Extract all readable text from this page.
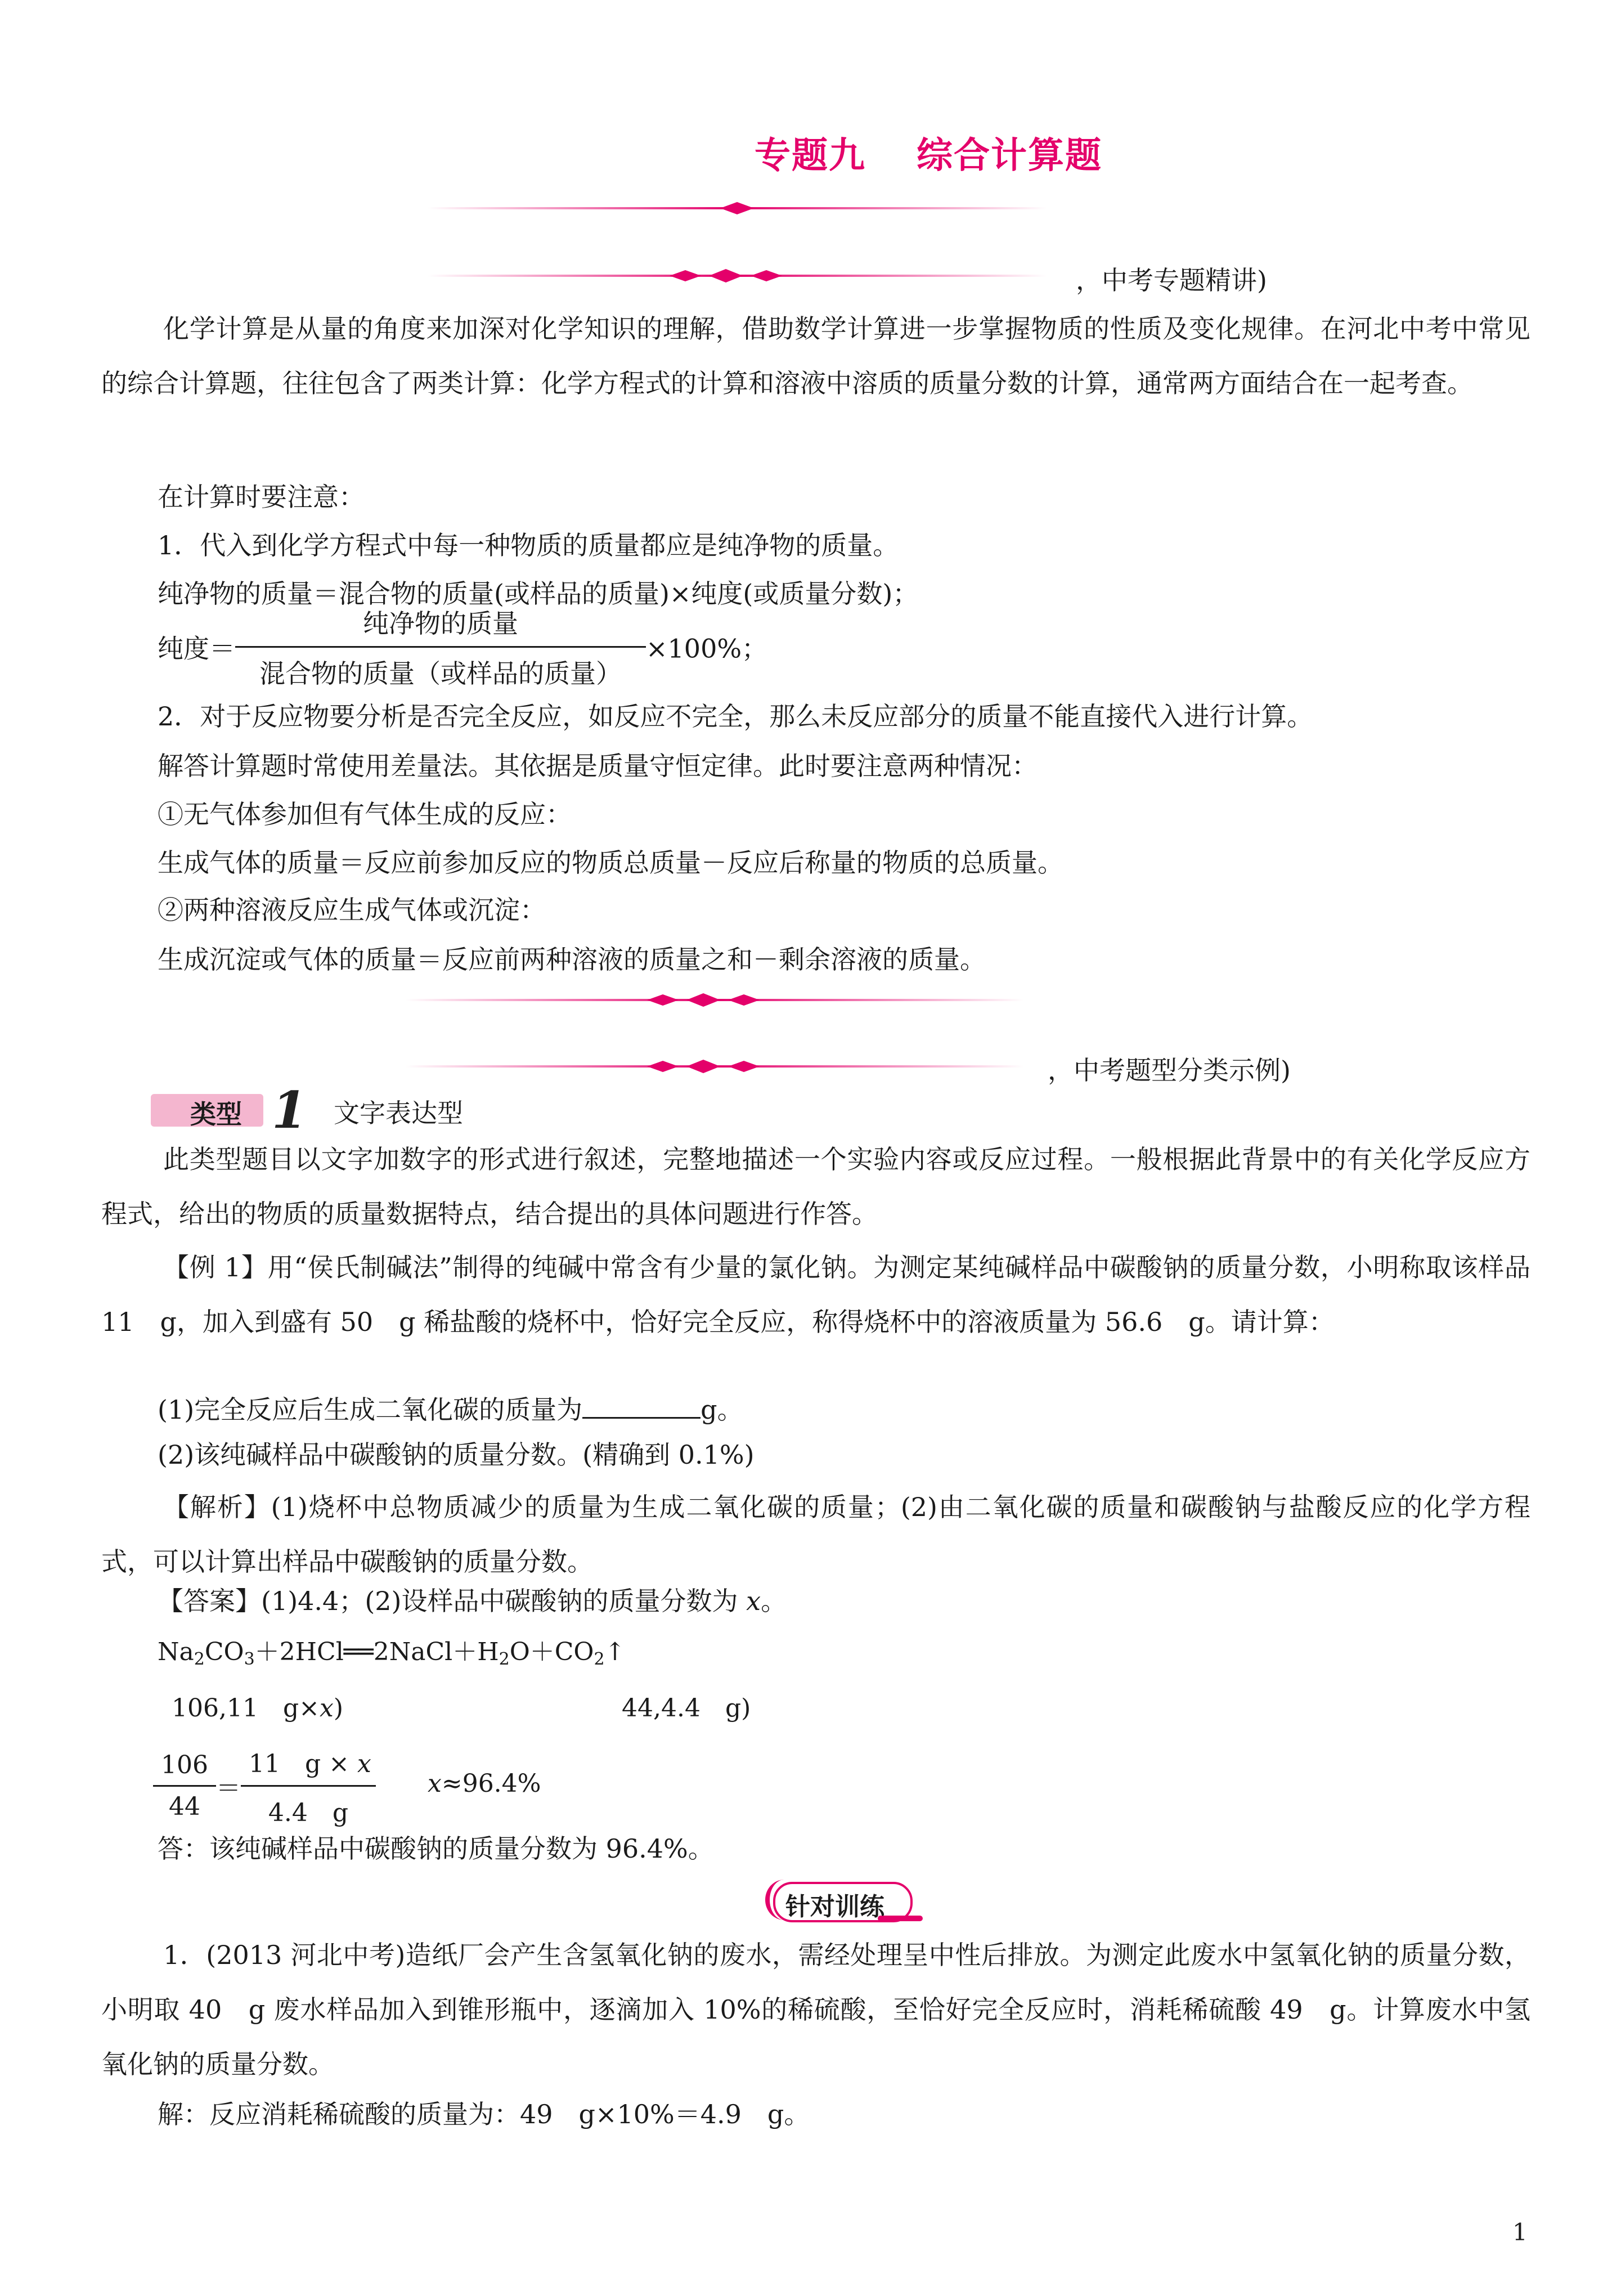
专题九 综合计算题
，中考专题精讲)
化学计算是从量的角度来加深对化学知识的理解，借助数学计算进一步掌握物质的性质及变化规律。在河北中考中常见的综合计算题，往往包含了两类计算：化学方程式的计算和溶液中溶质的质量分数的计算，通常两方面结合在一起考查。
在计算时要注意：
1．代入到化学方程式中每一种物质的质量都应是纯净物的质量。
纯净物的质量＝混合物的质量(或样品的质量)×纯度(或质量分数)；
纯度＝ $\frac{\text{纯净物的质量}}{\text{混合物的质量（或样品的质量）}} \times 100\%$；
2．对于反应物要分析是否完全反应，如反应不完全，那么未反应部分的质量不能直接代入进行计算。
解答计算题时常使用差量法。其依据是质量守恒定律。此时要注意两种情况：
①无气体参加但有气体生成的反应：
生成气体的质量＝反应前参加反应的物质总质量－反应后称量的物质的总质量。
②两种溶液反应生成气体或沉淀：
生成沉淀或气体的质量＝反应前两种溶液的质量之和－剩余溶液的质量。
，中考题型分类示例)
类型 1 文字表达型
此类型题目以文字加数字的形式进行叙述，完整地描述一个实验内容或反应过程。一般根据此背景中的有关化学反应方程式，给出的物质的质量数据特点，结合提出的具体问题进行作答。
【例 1】用“侯氏制碱法”制得的纯碱中常含有少量的氯化钠。为测定某纯碱样品中碳酸钠的质量分数，小明称取该样品 11　g，加入到盛有 50　g 稀盐酸的烧杯中，恰好完全反应，称得烧杯中的溶液质量为 56.6　g。请计算：
(1)完全反应后生成二氧化碳的质量为	g。
(2)该纯碱样品中碳酸钠的质量分数。(精确到 0.1%)
【解析】(1)烧杯中总物质减少的质量为生成二氧化碳的质量；(2)由二氧化碳的质量和碳酸钠与盐酸反应的化学方程式，可以计算出样品中碳酸钠的质量分数。
【答案】(1)4.4；(2)设样品中碳酸钠的质量分数为 x。
$Na_2CO_3+2HCl══2NaCl+H_2O+CO_2↑$
106,11　g×x)	44,4.4　g)
$\frac{106}{44} = \frac{11 g \times x}{4.4 g} x\approx 96.4\%$
答：该纯碱样品中碳酸钠的质量分数为 96.4%。
针对训练
1．(2013 河北中考)造纸厂会产生含氢氧化钠的废水，需经处理呈中性后排放。为测定此废水中氢氧化钠的质量分数，小明取 40　g 废水样品加入到锥形瓶中，逐滴加入 10%的稀硫酸，至恰好完全反应时，消耗稀硫酸 49　g。计算废水中氢氧化钠的质量分数。
解：反应消耗稀硫酸的质量为：49　g×10%＝4.9　g。
1
